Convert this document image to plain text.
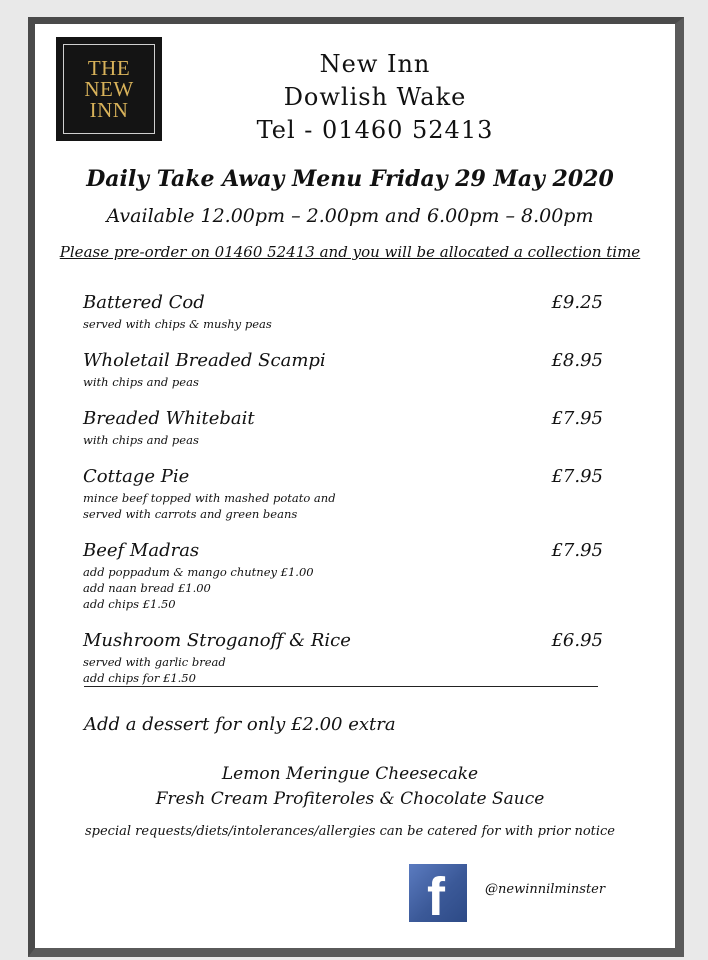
THE
NEW
INN
New Inn
Dowlish Wake
Tel - 01460 52413
Daily Take Away Menu Friday 29 May 2020
Available 12.00pm – 2.00pm and 6.00pm – 8.00pm
Please pre-order on 01460 52413 and you will be allocated a collection time
Battered Cod	£9.25
served with chips & mushy peas
Wholetail Breaded Scampi	£8.95
with chips and peas
Breaded Whitebait	£7.95
with chips and peas
Cottage Pie	£7.95
mince beef topped with mashed potato and
served with carrots and green beans
Beef Madras	£7.95
add poppadum & mango chutney £1.00
add naan bread £1.00
add chips £1.50
Mushroom Stroganoff & Rice	£6.95
served with garlic bread
add chips for £1.50
Add a dessert for only £2.00 extra
Lemon Meringue Cheesecake
Fresh Cream Profiteroles & Chocolate Sauce
special requests/diets/intolerances/allergies can be catered for with prior notice
f	@newinnilminster
